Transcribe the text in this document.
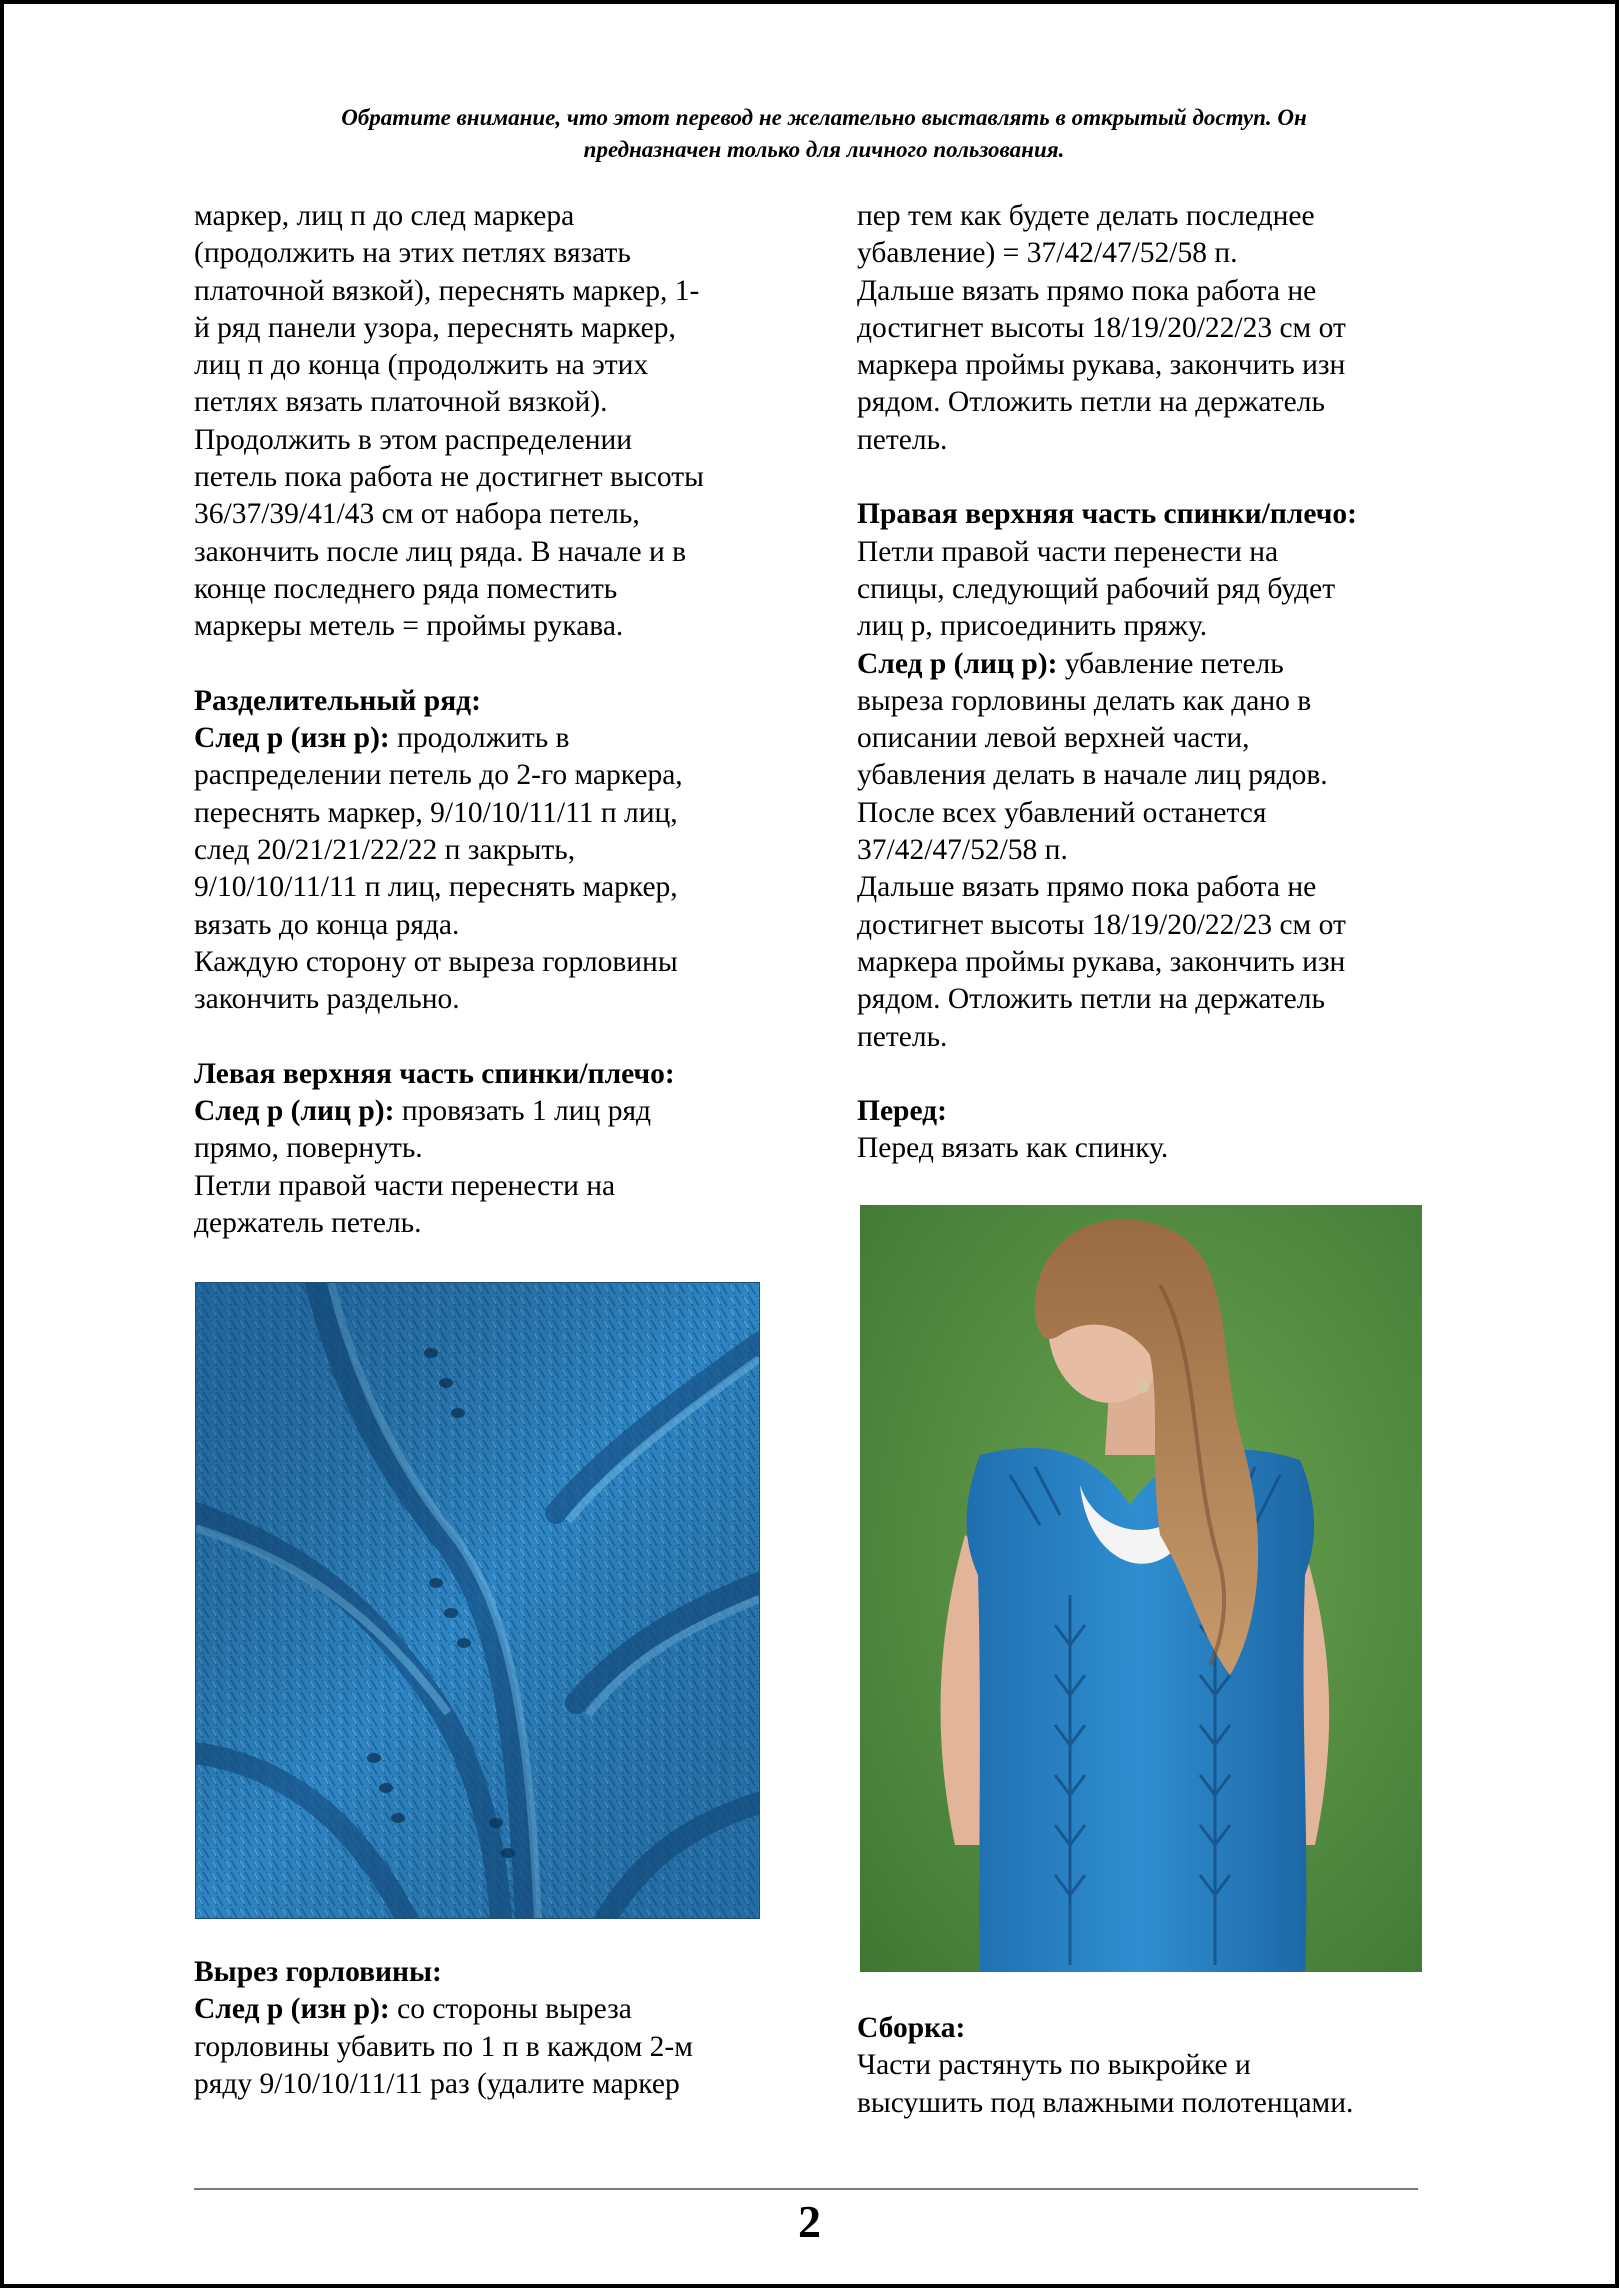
Обратите внимание, что этот перевод не желательно выставлять в открытый доступ. Он
предназначен только для личного пользования.
маркер, лиц п до след маркера
(продолжить на этих петлях вязать
платочной вязкой), переснять маркер, 1-
й ряд панели узора, переснять маркер,
лиц п до конца (продолжить на этих
петлях вязать платочной вязкой).
Продолжить в этом распределении
петель пока работа не достигнет высоты
36/37/39/41/43 см от набора петель,
закончить после лиц ряда. В начале и в
конце последнего ряда поместить
маркеры метель = проймы рукава.
Разделительный ряд:
След р (изн р): продолжить в
распределении петель до 2-го маркера,
переснять маркер, 9/10/10/11/11 п лиц,
след 20/21/21/22/22 п закрыть,
9/10/10/11/11 п лиц, переснять маркер,
вязать до конца ряда.
Каждую сторону от выреза горловины
закончить раздельно.
Левая верхняя часть спинки/плечо:
След р (лиц р): провязать 1 лиц ряд
прямо, повернуть.
Петли правой части перенести на
держатель петель.
Вырез горловины:
След р (изн р): со стороны выреза
горловины убавить по 1 п в каждом 2-м
ряду 9/10/10/11/11 раз (удалите маркер
пер тем как будете делать последнее
убавление) = 37/42/47/52/58 п.
Дальше вязать прямо пока работа не
достигнет высоты 18/19/20/22/23 см от
маркера проймы рукава, закончить изн
рядом. Отложить петли на держатель
петель.
Правая верхняя часть спинки/плечо:
Петли правой части перенести на
спицы, следующий рабочий ряд будет
лиц р, присоединить пряжу.
След р (лиц р): убавление петель
выреза горловины делать как дано в
описании левой верхней части,
убавления делать в начале лиц рядов.
После всех убавлений останется
37/42/47/52/58 п.
Дальше вязать прямо пока работа не
достигнет высоты 18/19/20/22/23 см от
маркера проймы рукава, закончить изн
рядом. Отложить петли на держатель
петель.
Перед:
Перед вязать как спинку.
Сборка:
Части растянуть по выкройке и
высушить под влажными полотенцами.
2
